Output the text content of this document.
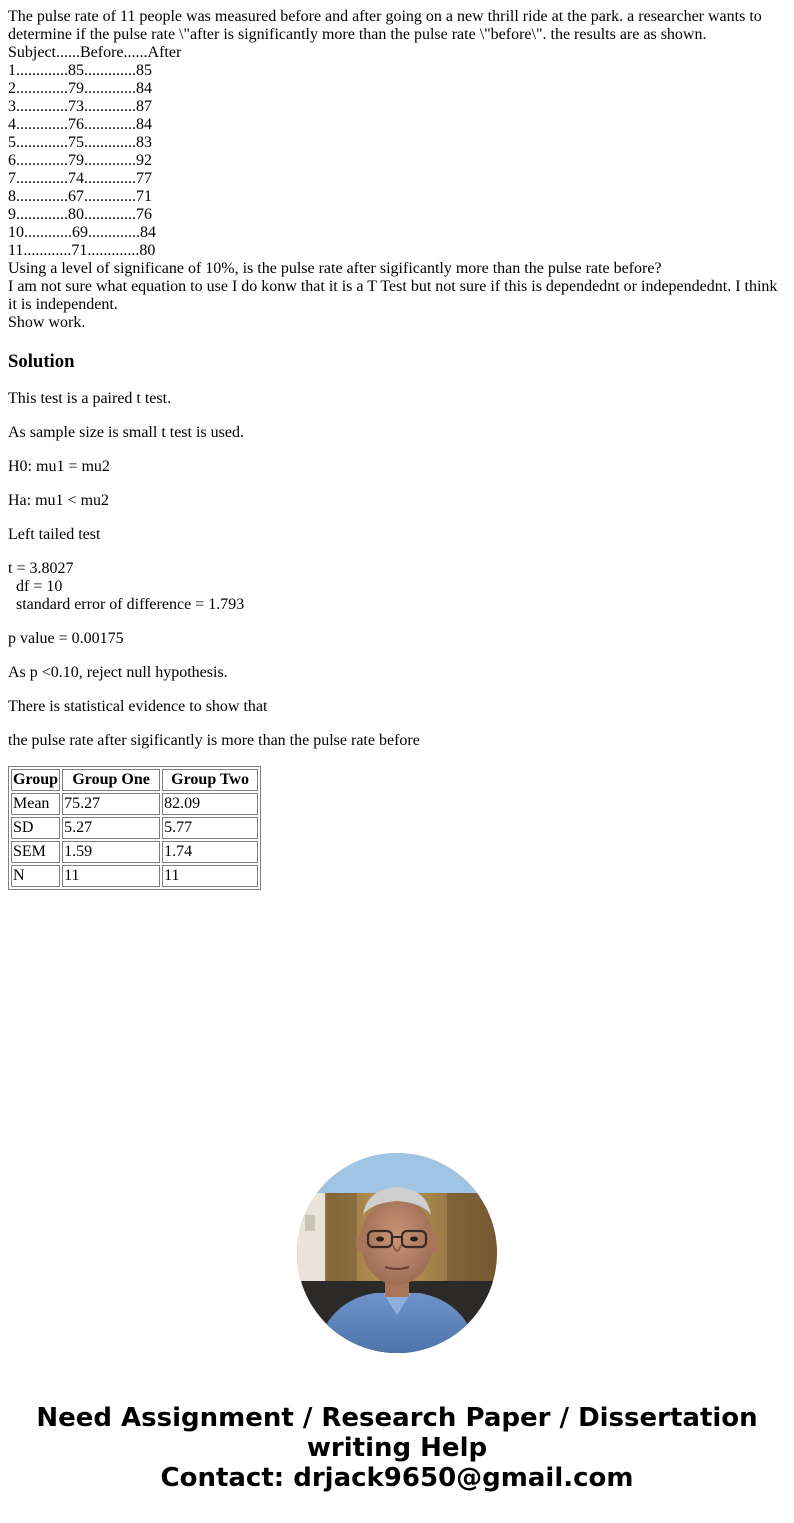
The pulse rate of 11 people was measured before and after going on a new thrill ride at the park. a researcher wants to determine if the pulse rate \"after is significantly more than the pulse rate \"before\". the results are as shown.

Subject......Before......After
1.............85.............85
2.............79.............84
3.............73.............87
4.............76.............84
5.............75.............83
6.............79.............92
7.............74.............77
8.............67.............71
9.............80.............76
10............69.............84
11............71.............80

Using a level of significane of 10%, is the pulse rate after sigificantly more than the pulse rate before?

I am not sure what equation to use I do konw that it is a T Test but not sure if this is dependednt or independednt. I think it is independent.

Show work.

Solution

This test is a paired t test.

As sample size is small t test is used.

H0: mu1 = mu2

Ha: mu1 < mu2

Left tailed test

t = 3.8027
df = 10
standard error of difference = 1.793

p value = 0.00175

As p <0.10, reject null hypothesis.

There is statistical evidence to show that

the pulse rate after sigificantly is more than the pulse rate before

Group	Group One	Group Two
Mean	75.27	82.09
SD	5.27	5.77
SEM	1.59	1.74
N	11	11
Need Assignment / Research Paper / Dissertation
writing Help
Contact: drjack9650@gmail.com
